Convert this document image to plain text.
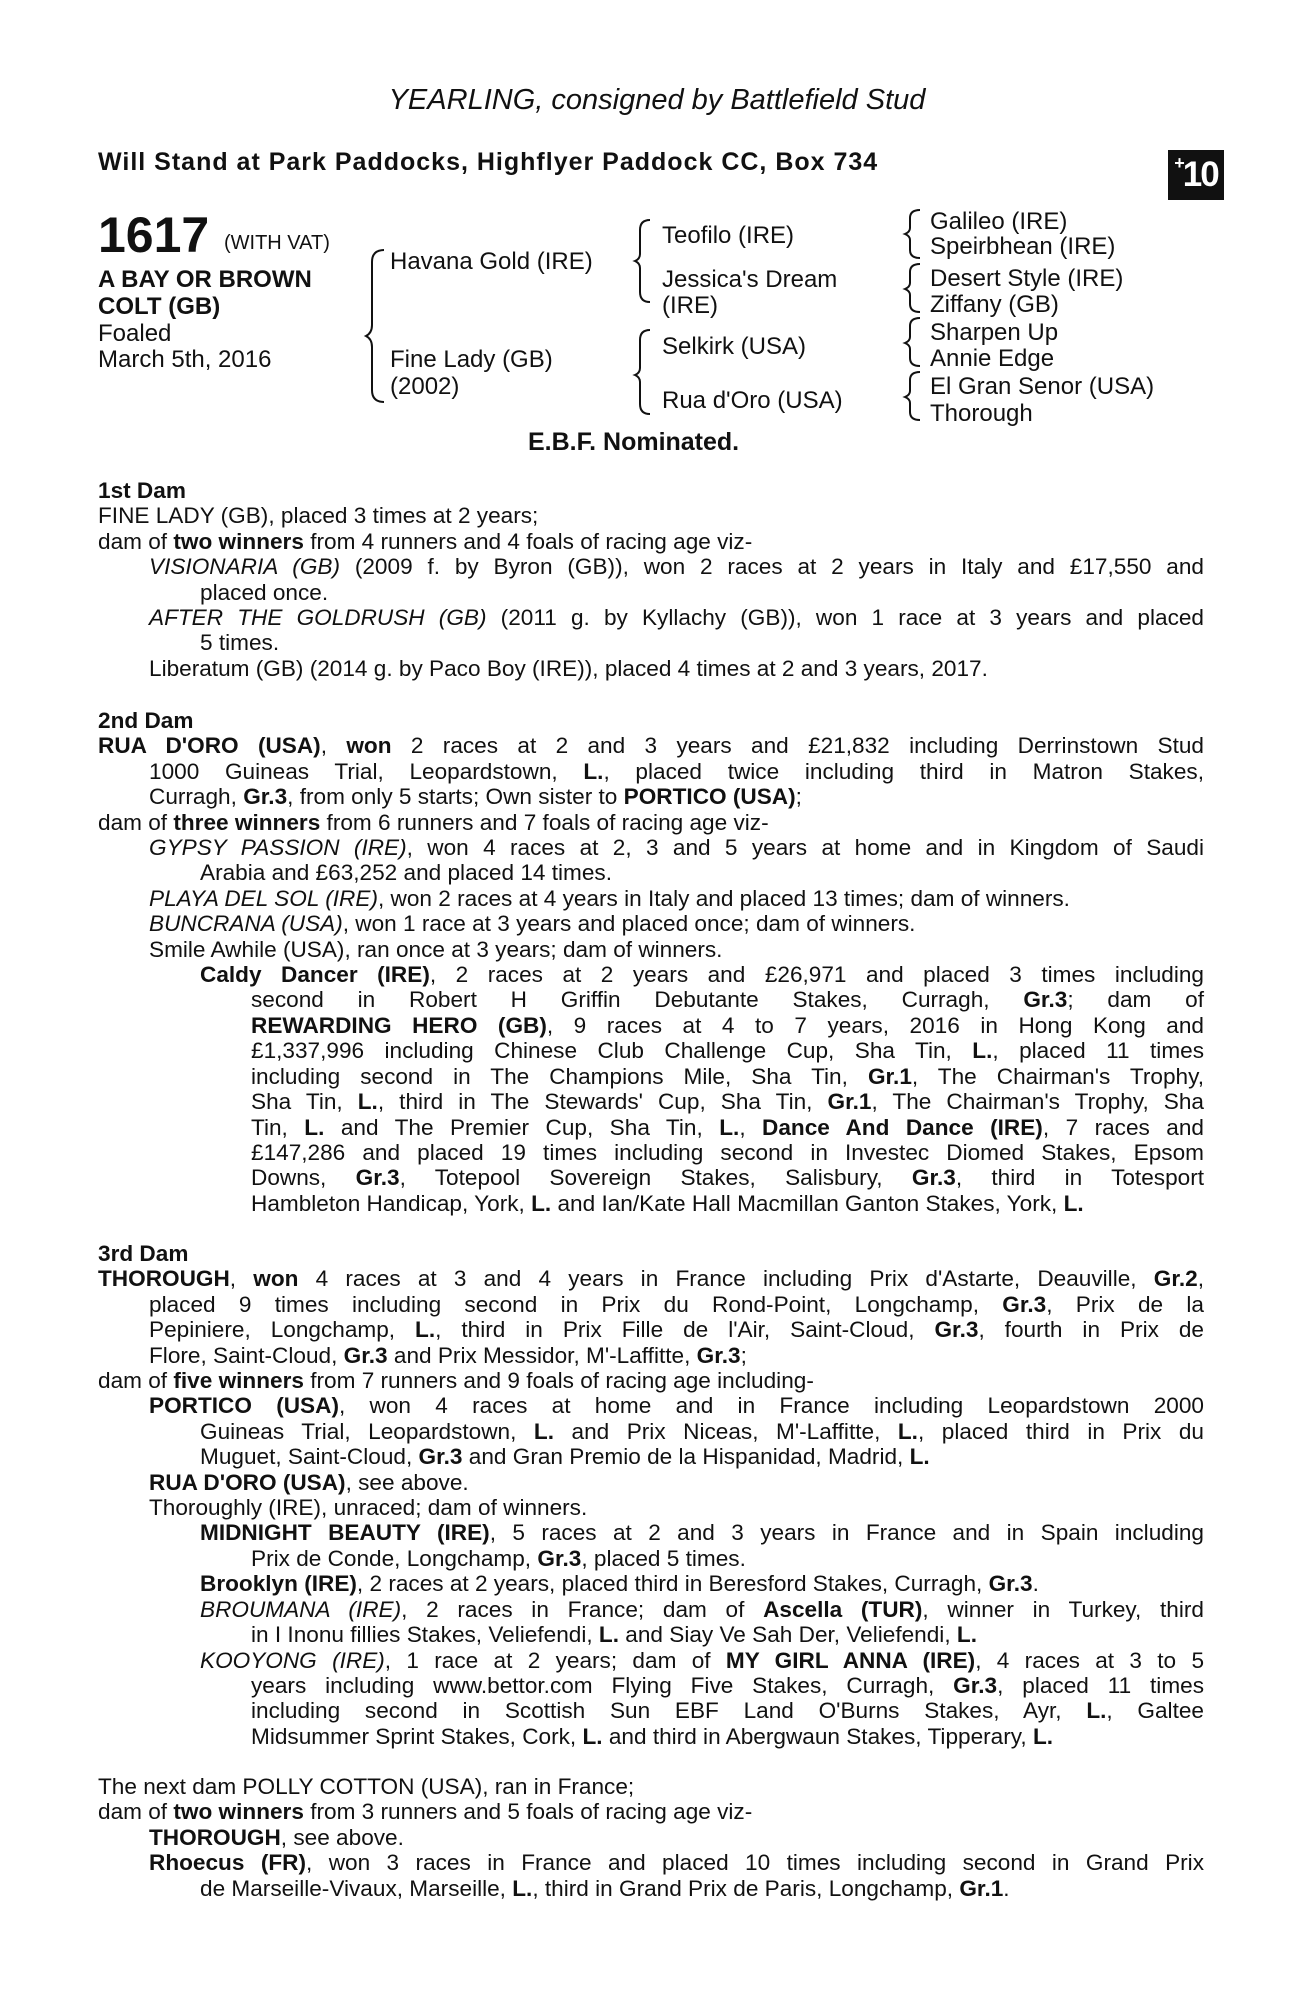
YEARLING, consigned by Battlefield Stud
Will Stand at Park Paddocks, Highflyer Paddock CC, Box 734	+10
1617 (WITH VAT)
A BAY OR BROWN
COLT (GB)
Foaled
March 5th, 2016
Havana Gold (IRE)
Fine Lady (GB)
(2002)
Teofilo (IRE)
Jessica's Dream
(IRE)
Selkirk (USA)
Rua d'Oro (USA)
Galileo (IRE)
Speirbhean (IRE)
Desert Style (IRE)
Ziffany (GB)
Sharpen Up
Annie Edge
El Gran Senor (USA)
Thorough
E.B.F. Nominated.
1st Dam
FINE LADY (GB), placed 3 times at 2 years;
dam of two winners from 4 runners and 4 foals of racing age viz-
VISIONARIA (GB) (2009 f. by Byron (GB)), won 2 races at 2 years in Italy and £17,550 and
placed once.
AFTER THE GOLDRUSH (GB) (2011 g. by Kyllachy (GB)), won 1 race at 3 years and placed
5 times.
Liberatum (GB) (2014 g. by Paco Boy (IRE)), placed 4 times at 2 and 3 years, 2017.
2nd Dam
RUA D'ORO (USA), won 2 races at 2 and 3 years and £21,832 including Derrinstown Stud
1000 Guineas Trial, Leopardstown, L., placed twice including third in Matron Stakes,
Curragh, Gr.3, from only 5 starts; Own sister to PORTICO (USA);
dam of three winners from 6 runners and 7 foals of racing age viz-
GYPSY PASSION (IRE), won 4 races at 2, 3 and 5 years at home and in Kingdom of Saudi
Arabia and £63,252 and placed 14 times.
PLAYA DEL SOL (IRE), won 2 races at 4 years in Italy and placed 13 times; dam of winners.
BUNCRANA (USA), won 1 race at 3 years and placed once; dam of winners.
Smile Awhile (USA), ran once at 3 years; dam of winners.
Caldy Dancer (IRE), 2 races at 2 years and £26,971 and placed 3 times including
second in Robert H Griffin Debutante Stakes, Curragh, Gr.3; dam of
REWARDING HERO (GB), 9 races at 4 to 7 years, 2016 in Hong Kong and
£1,337,996 including Chinese Club Challenge Cup, Sha Tin, L., placed 11 times
including second in The Champions Mile, Sha Tin, Gr.1, The Chairman's Trophy,
Sha Tin, L., third in The Stewards' Cup, Sha Tin, Gr.1, The Chairman's Trophy, Sha
Tin, L. and The Premier Cup, Sha Tin, L., Dance And Dance (IRE), 7 races and
£147,286 and placed 19 times including second in Investec Diomed Stakes, Epsom
Downs, Gr.3, Totepool Sovereign Stakes, Salisbury, Gr.3, third in Totesport
Hambleton Handicap, York, L. and Ian/Kate Hall Macmillan Ganton Stakes, York, L.
3rd Dam
THOROUGH, won 4 races at 3 and 4 years in France including Prix d'Astarte, Deauville, Gr.2,
placed 9 times including second in Prix du Rond-Point, Longchamp, Gr.3, Prix de la
Pepiniere, Longchamp, L., third in Prix Fille de l'Air, Saint-Cloud, Gr.3, fourth in Prix de
Flore, Saint-Cloud, Gr.3 and Prix Messidor, M'-Laffitte, Gr.3;
dam of five winners from 7 runners and 9 foals of racing age including-
PORTICO (USA), won 4 races at home and in France including Leopardstown 2000
Guineas Trial, Leopardstown, L. and Prix Niceas, M'-Laffitte, L., placed third in Prix du
Muguet, Saint-Cloud, Gr.3 and Gran Premio de la Hispanidad, Madrid, L.
RUA D'ORO (USA), see above.
Thoroughly (IRE), unraced; dam of winners.
MIDNIGHT BEAUTY (IRE), 5 races at 2 and 3 years in France and in Spain including
Prix de Conde, Longchamp, Gr.3, placed 5 times.
Brooklyn (IRE), 2 races at 2 years, placed third in Beresford Stakes, Curragh, Gr.3.
BROUMANA (IRE), 2 races in France; dam of Ascella (TUR), winner in Turkey, third
in I Inonu fillies Stakes, Veliefendi, L. and Siay Ve Sah Der, Veliefendi, L.
KOOYONG (IRE), 1 race at 2 years; dam of MY GIRL ANNA (IRE), 4 races at 3 to 5
years including www.bettor.com Flying Five Stakes, Curragh, Gr.3, placed 11 times
including second in Scottish Sun EBF Land O'Burns Stakes, Ayr, L., Galtee
Midsummer Sprint Stakes, Cork, L. and third in Abergwaun Stakes, Tipperary, L.
The next dam POLLY COTTON (USA), ran in France;
dam of two winners from 3 runners and 5 foals of racing age viz-
THOROUGH, see above.
Rhoecus (FR), won 3 races in France and placed 10 times including second in Grand Prix
de Marseille-Vivaux, Marseille, L., third in Grand Prix de Paris, Longchamp, Gr.1.
